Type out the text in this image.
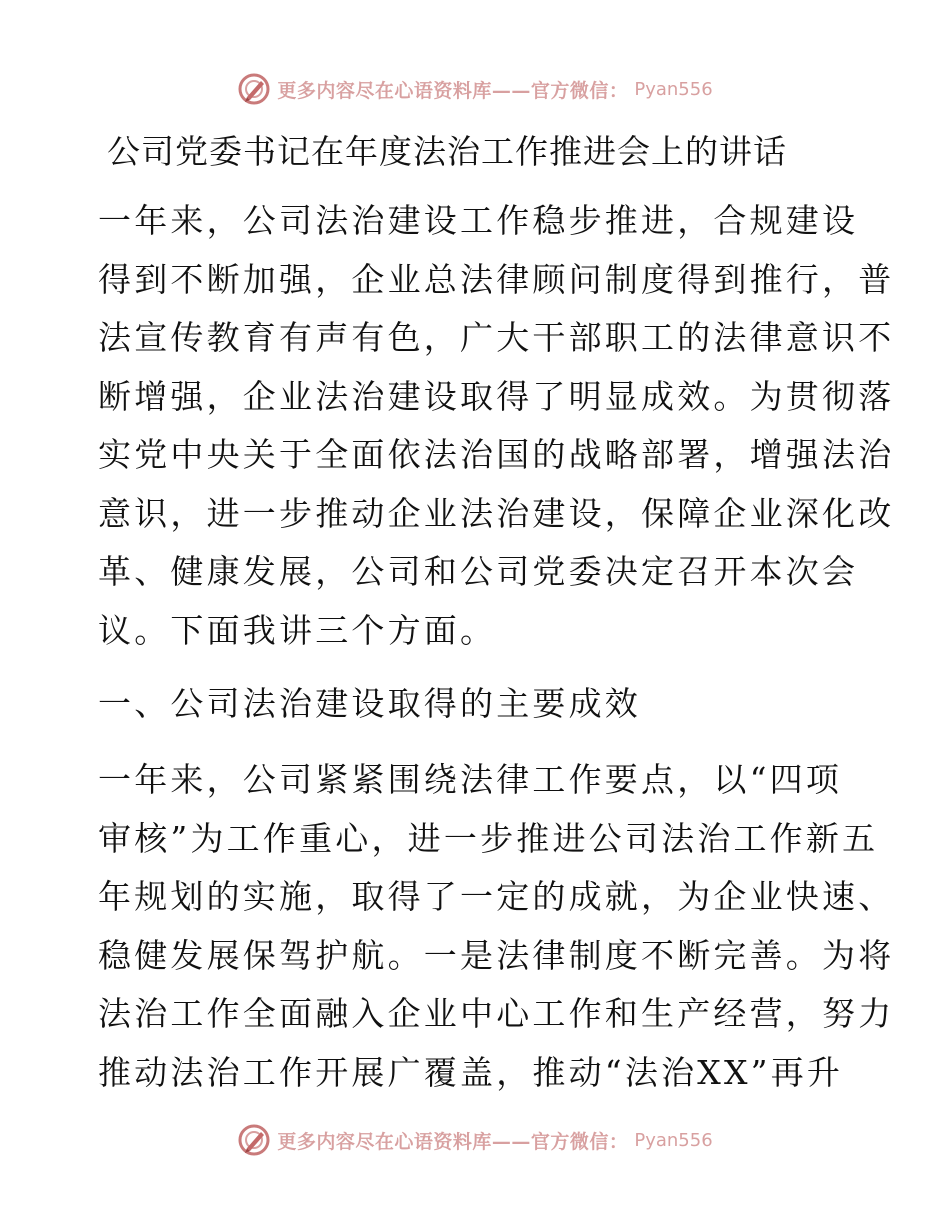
更多内容尽在心语资料库——官方微信： Pyan556
公司党委书记在年度法治工作推进会上的讲话
一年来，公司法治建设工作稳步推进，合规建设
得到不断加强，企业总法律顾问制度得到推行，普
法宣传教育有声有色，广大干部职工的法律意识不
断增强，企业法治建设取得了明显成效。为贯彻落
实党中央关于全面依法治国的战略部署，增强法治
意识，进一步推动企业法治建设，保障企业深化改
革、健康发展，公司和公司党委决定召开本次会
议。下面我讲三个方面。
一、公司法治建设取得的主要成效
一年来，公司紧紧围绕法律工作要点，以“四项
审核”为工作重心，进一步推进公司法治工作新五
年规划的实施，取得了一定的成就，为企业快速、
稳健发展保驾护航。一是法律制度不断完善。为将
法治工作全面融入企业中心工作和生产经营，努力
推动法治工作开展广覆盖，推动“法治XX”再升
更多内容尽在心语资料库——官方微信： Pyan556
